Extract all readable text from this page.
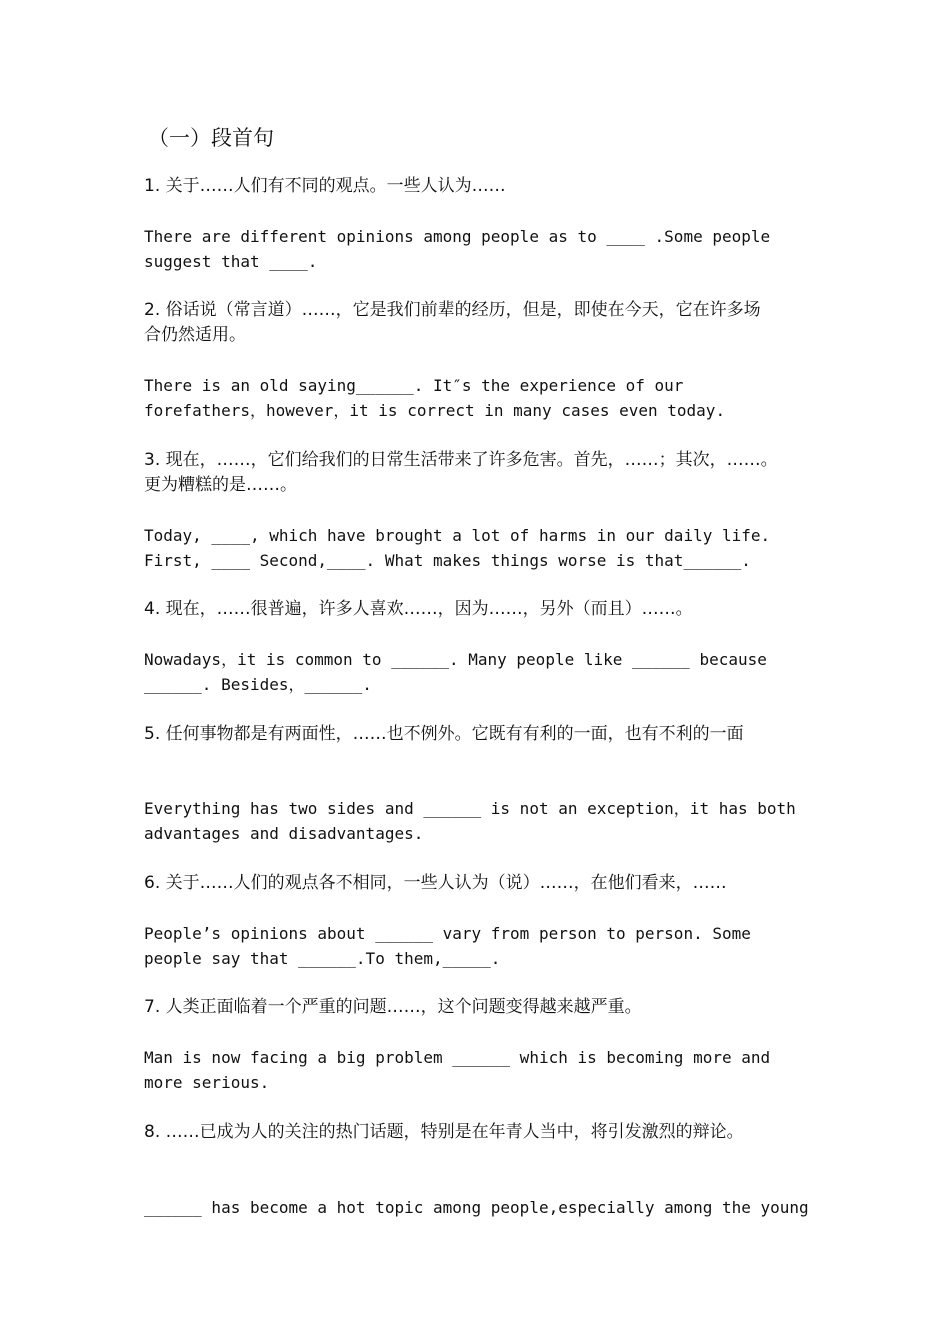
（一）段首句
1. 关于……人们有不同的观点。一些人认为……
There are different opinions among people as to ____ .Some people
suggest that ____.
2. 俗话说（常言道）……，它是我们前辈的经历，但是，即使在今天，它在许多场
合仍然适用。
There is an old saying______. It″s the experience of our
forefathers，however，it is correct in many cases even today.
3. 现在，……，它们给我们的日常生活带来了许多危害。首先，……；其次，……。
更为糟糕的是……。
Today, ____, which have brought a lot of harms in our daily life.
First, ____ Second,____. What makes things worse is that______.
4. 现在，……很普遍，许多人喜欢……，因为……，另外（而且）……。
Nowadays，it is common to ______. Many people like ______ because
______. Besides，______.
5. 任何事物都是有两面性，……也不例外。它既有有利的一面，也有不利的一面
Everything has two sides and ______ is not an exception，it has both
advantages and disadvantages.
6. 关于……人们的观点各不相同，一些人认为（说）……，在他们看来，……
People’s opinions about ______ vary from person to person. Some
people say that ______.To them,_____.
7. 人类正面临着一个严重的问题……，这个问题变得越来越严重。
Man is now facing a big problem ______ which is becoming more and
more serious.
8. ……已成为人的关注的热门话题，特别是在年青人当中，将引发激烈的辩论。
______ has become a hot topic among people,especially among the young
